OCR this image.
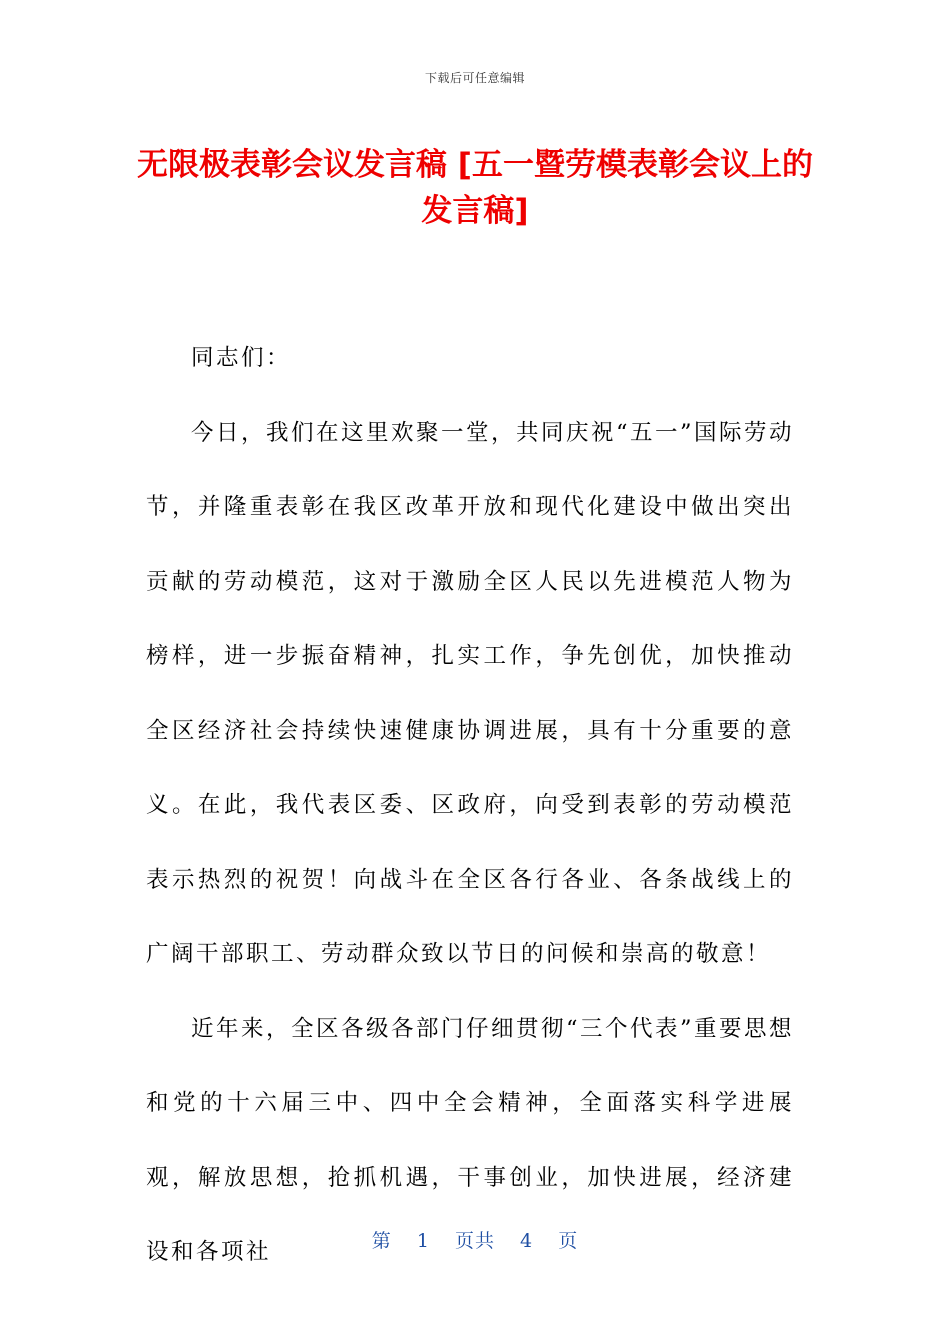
下载后可任意编辑
无限极表彰会议发言稿 [五一暨劳模表彰会议上的发言稿]

同志们：

今日，我们在这里欢聚一堂，共同庆祝“五一”国际劳动节，并隆重表彰在我区改革开放和现代化建设中做出突出贡献的劳动模范，这对于激励全区人民以先进模范人物为榜样，进一步振奋精神，扎实工作，争先创优，加快推动全区经济社会持续快速健康协调进展，具有十分重要的意义。在此，我代表区委、区政府，向受到表彰的劳动模范表示热烈的祝贺！向战斗在全区各行各业、各条战线上的广阔干部职工、劳动群众致以节日的问候和崇高的敬意！

近年来，全区各级各部门仔细贯彻“三个代表”重要思想和党的十六届三中、四中全会精神，全面落实科学进展观，解放思想，抢抓机遇，干事创业，加快进展，经济建设和各项社	第 1 页共 4 页
